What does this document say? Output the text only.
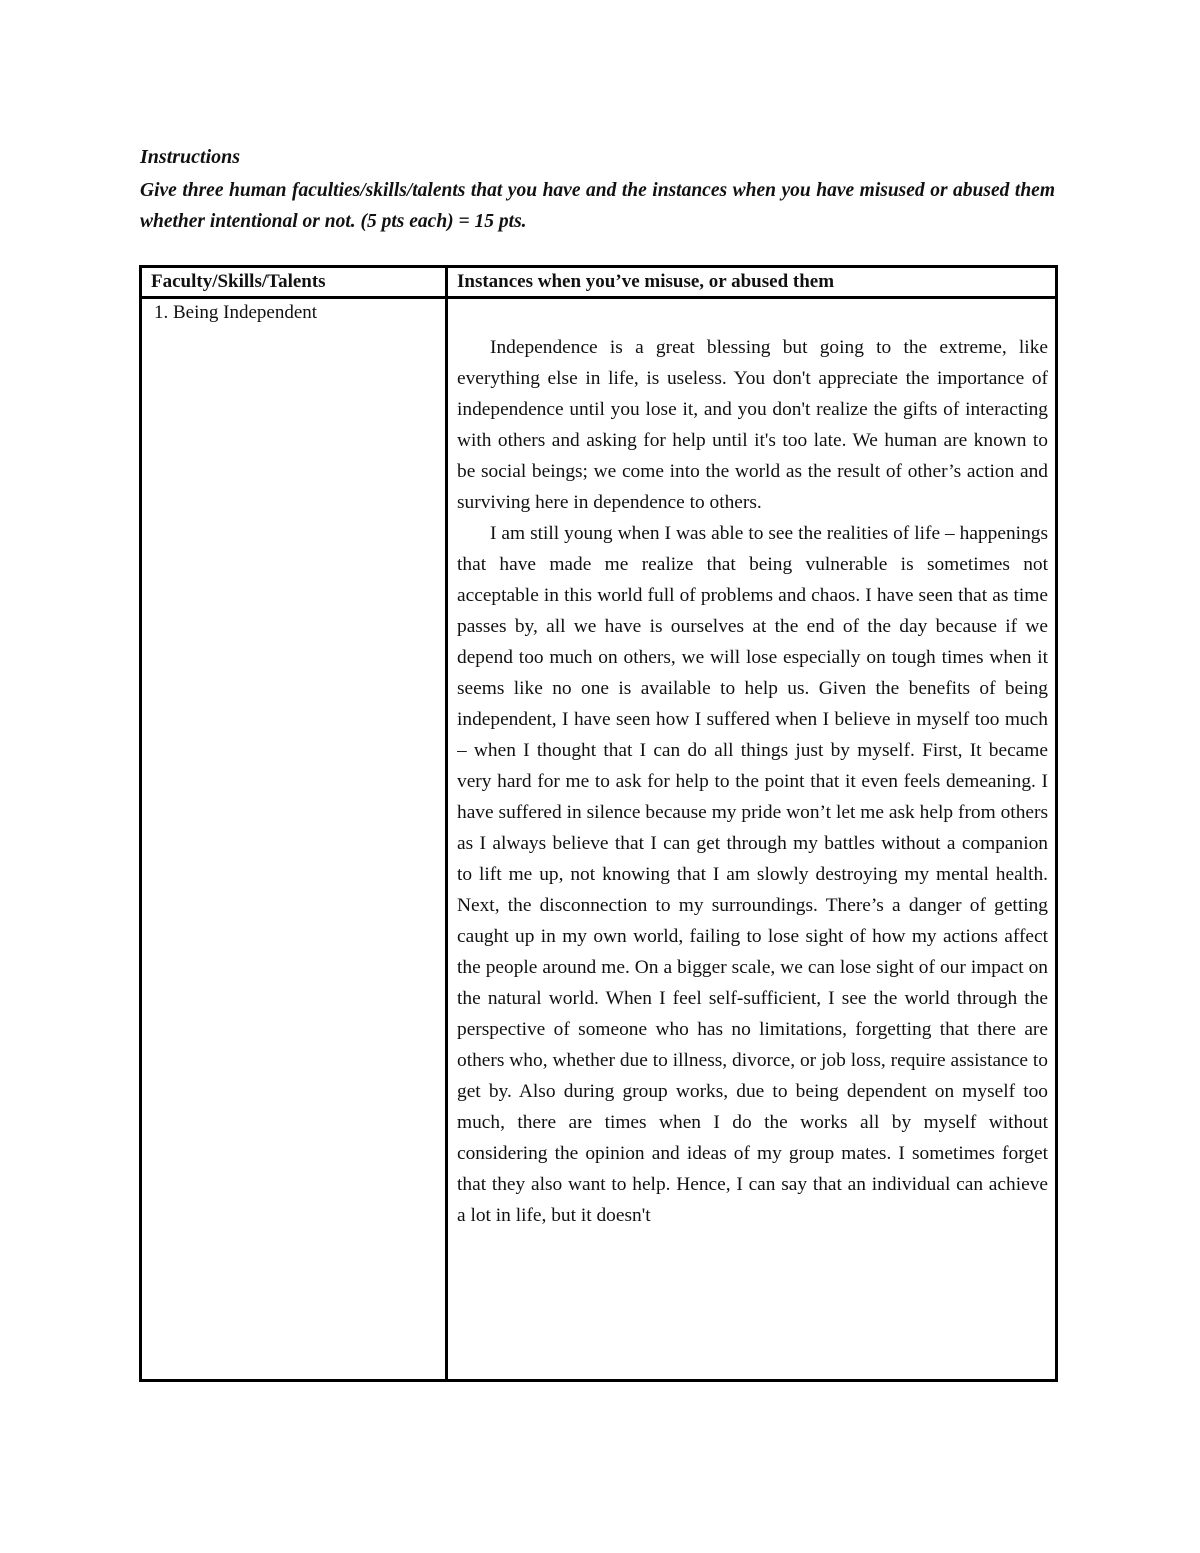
Instructions
Give three human faculties/skills/talents that you have and the instances when you have misused or abused them whether intentional or not. (5 pts each) = 15 pts.
Faculty/Skills/Talents	Instances when you’ve misuse, or abused them
1. Being Independent

Independence is a great blessing but going to the extreme, like everything else in life, is useless. You don't appreciate the importance of independence until you lose it, and you don't realize the gifts of interacting with others and asking for help until it's too late. We human are known to be social beings; we come into the world as the result of other’s action and surviving here in dependence to others.

I am still young when I was able to see the realities of life – happenings that have made me realize that being vulnerable is sometimes not acceptable in this world full of problems and chaos. I have seen that as time passes by, all we have is ourselves at the end of the day because if we depend too much on others, we will lose especially on tough times when it seems like no one is available to help us. Given the benefits of being independent, I have seen how I suffered when I believe in myself too much – when I thought that I can do all things just by myself. First, It became very hard for me to ask for help to the point that it even feels demeaning. I have suffered in silence because my pride won’t let me ask help from others as I always believe that I can get through my battles without a companion to lift me up, not knowing that I am slowly destroying my mental health. Next, the disconnection to my surroundings. There’s a danger of getting caught up in my own world, failing to lose sight of how my actions affect the people around me. On a bigger scale, we can lose sight of our impact on the natural world. When I feel self-sufficient, I see the world through the perspective of someone who has no limitations, forgetting that there are others who, whether due to illness, divorce, or job loss, require assistance to get by. Also during group works, due to being dependent on myself too much, there are times when I do the works all by myself without considering the opinion and ideas of my group mates. I sometimes forget that they also want to help. Hence, I can say that an individual can achieve a lot in life, but it doesn't
